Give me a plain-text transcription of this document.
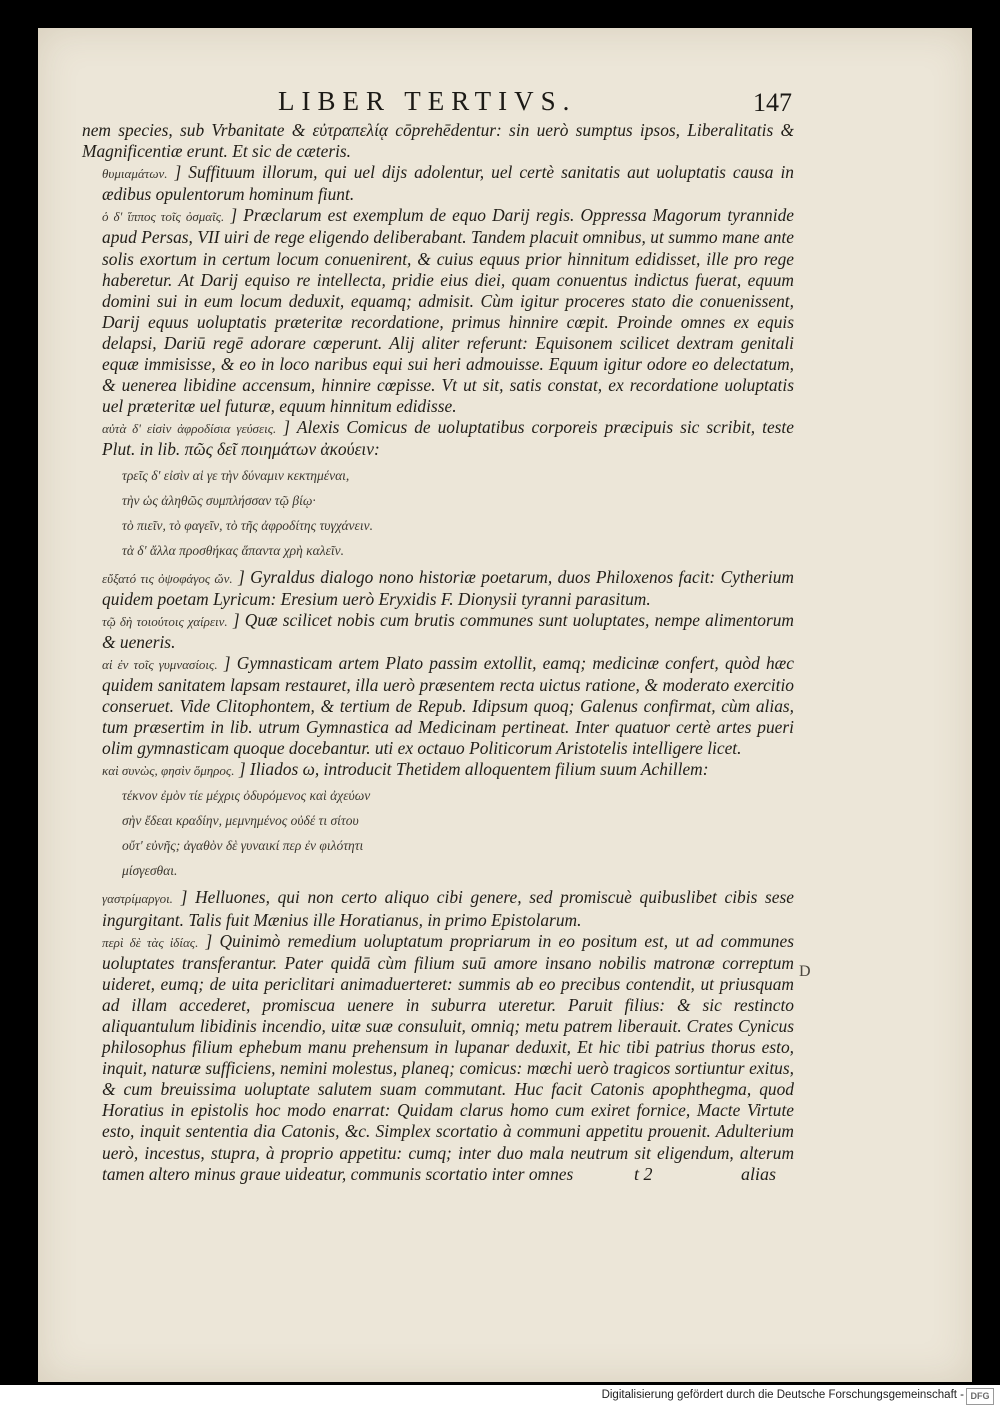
LIBER TERTIVS.	147

nem species, sub Vrbanitate & εὐτραπελίᾳ cōprehēdentur: sin uerò sumptus ipsos, Liberalitatis & Magnificentiæ erunt. Et sic de cæteris.

θυμιαμάτων. ] Suffituum illorum, qui uel dijs adolentur, uel certè sanitatis aut uoluptatis causa in ædibus opulentorum hominum fiunt.

ὁ δ' ἵππος τοῖς ὀσμαῖς. ] Præclarum est exemplum de equo Darij regis. Oppressa Magorum tyrannide apud Persas, VII uiri de rege eligendo deliberabant. Tandem placuit omnibus, ut summo mane ante solis exortum in certum locum conuenirent, & cuius equus prior hinnitum edidisset, ille pro rege haberetur. At Darij equiso re intellecta, pridie eius diei, quam conuentus indictus fuerat, equum domini sui in eum locum deduxit, equamq; admisit. Cùm igitur proceres stato die conuenissent, Darij equus uoluptatis præteritæ recordatione, primus hinnire cœpit. Proinde omnes ex equis delapsi, Dariū regē adorare cœperunt. Alij aliter referunt: Equisonem scilicet dextram genitali equæ immisisse, & eo in loco naribus equi sui heri admouisse. Equum igitur odore eo delectatum, & uenerea libidine accensum, hinnire cœpisse. Vt ut sit, satis constat, ex recordatione uoluptatis uel præteritæ uel futuræ, equum hinnitum edidisse.

αὐτὰ δ' εἰσὶν ἀφροδίσια γεύσεις. ] Alexis Comicus de uoluptatibus corporeis præcipuis sic scribit, teste Plut. in lib. πῶς δεῖ ποιημάτων ἀκούειν:

τρεῖς δ' εἰσὶν αἱ γε τὴν δύναμιν κεκτημέναι,
τὴν ὡς ἀληθῶς συμπλήσσαν τῷ βίῳ·
τὸ πιεῖν, τὸ φαγεῖν, τὸ τῆς ἀφροδίτης τυγχάνειν.
τὰ δ' ἄλλα προσθήκας ἅπαντα χρὴ καλεῖν.

εὔξατό τις ὀψοφάγος ὤν. ] Gyraldus dialogo nono historiæ poetarum, duos Philoxenos facit: Cytherium quidem poetam Lyricum: Eresium uerò Eryxidis F. Dionysii tyranni parasitum.

τῷ δὴ τοιούτοις χαίρειν. ] Quæ scilicet nobis cum brutis communes sunt uoluptates, nempe alimentorum & ueneris.

αἱ ἐν τοῖς γυμνασίοις. ] Gymnasticam artem Plato passim extollit, eamq; medicinæ confert, quòd hæc quidem sanitatem lapsam restauret, illa uerò præsentem recta uictus ratione, & moderato exercitio conseruet. Vide Clitophontem, & tertium de Repub. Idipsum quoq; Galenus confirmat, cùm alias, tum præsertim in lib. utrum Gymnastica ad Medicinam pertineat. Inter quatuor certè artes pueri olim gymnasticam quoque docebantur. uti ex octauo Politicorum Aristotelis intelligere licet.

καὶ συνὼς, φησὶν ὅμηρος. ] Iliados ω, introducit Thetidem alloquentem filium suum Achillem:

τέκνον ἐμὸν τίε μέχρις ὀδυρόμενος καὶ ἀχεύων
σὴν ἔδεαι κραδίην, μεμνημένος οὐδέ τι σίτου
οὔτ' εὐνῆς; ἀγαθὸν δὲ γυναικί περ ἐν φιλότητι
μίσγεσθαι.

γαστρίμαργοι. ] Helluones, qui non certo aliquo cibi genere, sed promiscuè quibuslibet cibis sese ingurgitant. Talis fuit Mænius ille Horatianus, in primo Epistolarum.

περὶ δὲ τὰς ἰδίας. ] Quinimò remedium uoluptatum propriarum in eo positum est, ut ad communes uoluptates transferantur. Pater quidā cùm filium suū amore insano nobilis matronæ correptum uideret, eumq; de uita periclitari animaduerteret: summis ab eo precibus contendit, ut priusquam ad illam accederet, promiscua uenere in suburra uteretur. Paruit filius: & sic restincto aliquantulum libidinis incendio, uitæ suæ consuluit, omniq; metu patrem liberauit. Crates Cynicus philosophus filium ephebum manu prehensum in lupanar deduxit, Et hic tibi patrius thorus esto, inquit, naturæ sufficiens, nemini molestus, planeq; comicus: mœchi uerò tragicos sortiuntur exitus, & cum breuissima uoluptate salutem suam commutant. Huc facit Catonis apophthegma, quod Horatius in epistolis hoc modo enarrat: Quidam clarus homo cum exiret fornice, Macte Virtute esto, inquit sententia dia Catonis, &c. Simplex scortatio à communi appetitu prouenit. Adulterium uerò, incestus, stupra, à proprio appetitu: cumq; inter duo mala neutrum sit eligendum, alterum tamen altero minus graue uideatur, communis scortatio inter omnes

D
t 2	alias
Digitalisierung gefördert durch die Deutsche Forschungsgemeinschaft - DFG
